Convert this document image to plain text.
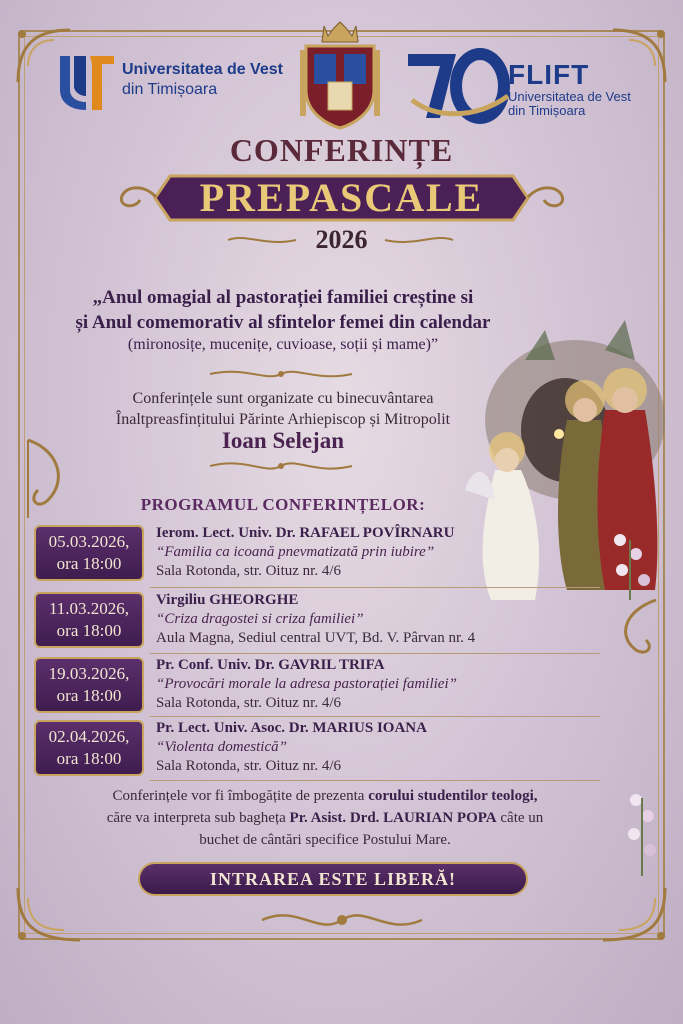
Universitatea de Vest
din Timișoara	FLIFT
Universitatea de Vest
din Timișoara
CONFERINȚE
PREPASCALE
2026
„Anul omagial al pastorației familiei creștine si
și Anul comemorativ al sfintelor femei din calendar
(mironosițe, mucenițe, cuvioase, soții și mame)”
Conferințele sunt organizate cu binecuvântarea
Înaltpreasfințitului Părinte Arhiepiscop și Mitropolit
Ioan Selejan
PROGRAMUL CONFERINȚELOR:
05.03.2026,
ora 18:00
Ierom. Lect. Univ. Dr. RAFAEL POVÎRNARU
“Familia ca icoană pnevmatizată prin iubire”
Sala Rotonda, str. Oituz nr. 4/6
11.03.2026,
ora 18:00
Virgiliu GHEORGHE
“Criza dragostei si criza familiei”
Aula Magna, Sediul central UVT, Bd. V. Pârvan nr. 4
19.03.2026,
ora 18:00
Pr. Conf. Univ. Dr. GAVRIL TRIFA
“Provocări morale la adresa pastorației familiei”
Sala Rotonda, str. Oituz nr. 4/6
02.04.2026,
ora 18:00
Pr. Lect. Univ. Asoc. Dr. MARIUS IOANA
“Violenta domestică”
Sala Rotonda, str. Oituz nr. 4/6
Conferințele vor fi îmbogățite de prezenta corului studentilor teologi,
căre va interpreta sub bagheța Pr. Asist. Drd. LAURIAN POPA câte un
buchet de cântări specifice Postului Mare.
INTRAREA ESTE LIBERĂ!
